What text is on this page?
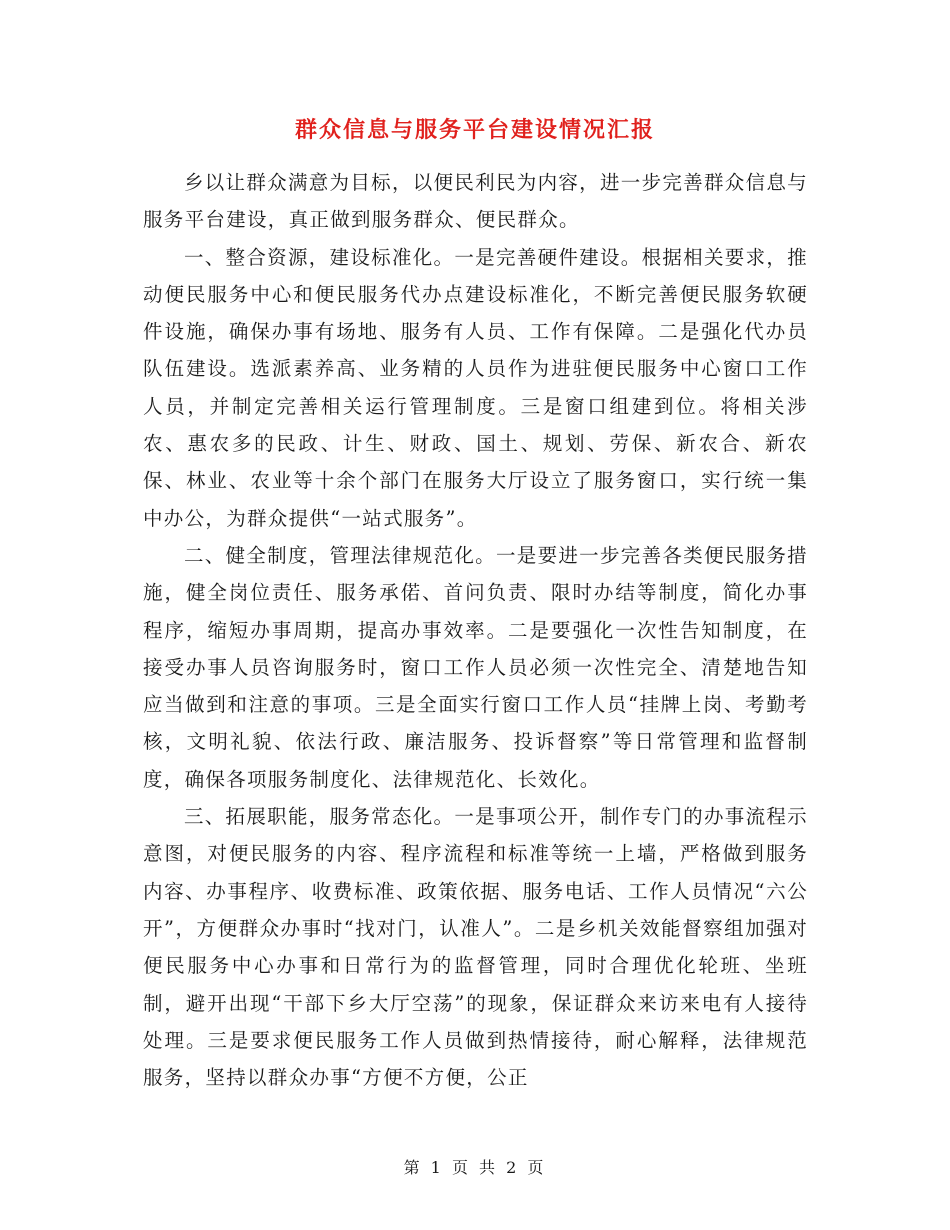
群众信息与服务平台建设情况汇报

乡以让群众满意为目标，以便民利民为内容，进一步完善群众信息与服务平台建设，真正做到服务群众、便民群众。

一、整合资源，建设标准化。一是完善硬件建设。根据相关要求，推动便民服务中心和便民服务代办点建设标准化，不断完善便民服务软硬件设施，确保办事有场地、服务有人员、工作有保障。二是强化代办员队伍建设。选派素养高、业务精的人员作为进驻便民服务中心窗口工作人员，并制定完善相关运行管理制度。三是窗口组建到位。将相关涉农、惠农多的民政、计生、财政、国土、规划、劳保、新农合、新农保、林业、农业等十余个部门在服务大厅设立了服务窗口，实行统一集中办公，为群众提供“一站式服务”。

二、健全制度，管理法律规范化。一是要进一步完善各类便民服务措施，健全岗位责任、服务承偌、首问负责、限时办结等制度，简化办事程序，缩短办事周期，提高办事效率。二是要强化一次性告知制度，在接受办事人员咨询服务时，窗口工作人员必须一次性完全、清楚地告知应当做到和注意的事项。三是全面实行窗口工作人员“挂牌上岗、考勤考核，文明礼貌、依法行政、廉洁服务、投诉督察”等日常管理和监督制度，确保各项服务制度化、法律规范化、长效化。

三、拓展职能，服务常态化。一是事项公开，制作专门的办事流程示意图，对便民服务的内容、程序流程和标准等统一上墙，严格做到服务内容、办事程序、收费标准、政策依据、服务电话、工作人员情况“六公开”，方便群众办事时“找对门，认准人”。二是乡机关效能督察组加强对便民服务中心办事和日常行为的监督管理，同时合理优化轮班、坐班制，避开出现“干部下乡大厅空荡”的现象，保证群众来访来电有人接待处理。三是要求便民服务工作人员做到热情接待，耐心解释，法律规范服务，坚持以群众办事“方便不方便，公正

第 1 页 共 2 页
